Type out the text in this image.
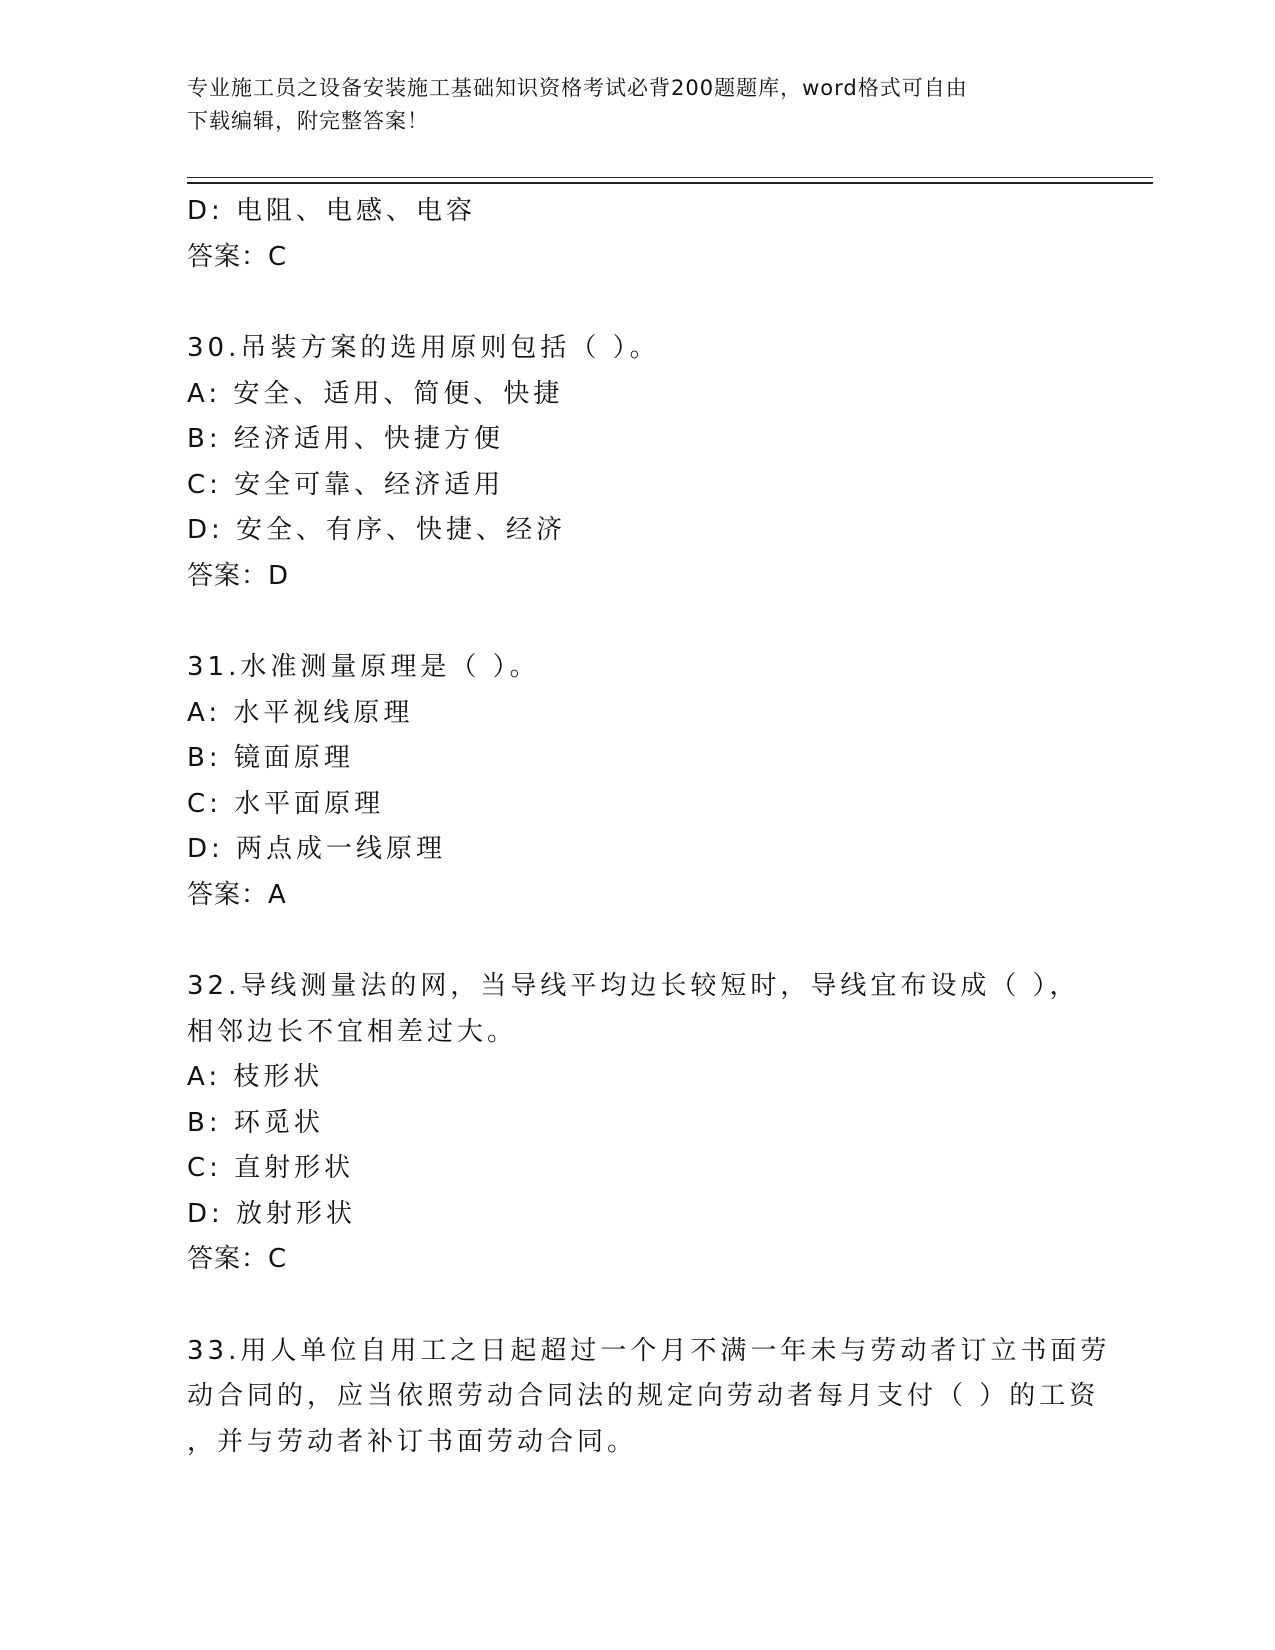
专业施工员之设备安装施工基础知识资格考试必背200题题库，word格式可自由
下载编辑，附完整答案！
D: 电阻、电感、电容
答案：C
30.吊装方案的选用原则包括（ ）。
A: 安全、适用、简便、快捷
B: 经济适用、快捷方便
C: 安全可靠、经济适用
D: 安全、有序、快捷、经济
答案：D
31.水准测量原理是（ ）。
A: 水平视线原理
B: 镜面原理
C: 水平面原理
D: 两点成一线原理
答案：A
32.导线测量法的网，当导线平均边长较短时，导线宜布设成（ ），
相邻边长不宜相差过大。
A: 枝形状
B: 环觅状
C: 直射形状
D: 放射形状
答案：C
33.用人单位自用工之日起超过一个月不满一年未与劳动者订立书面劳
动合同的，应当依照劳动合同法的规定向劳动者每月支付（ ）的工资
，并与劳动者补订书面劳动合同。
